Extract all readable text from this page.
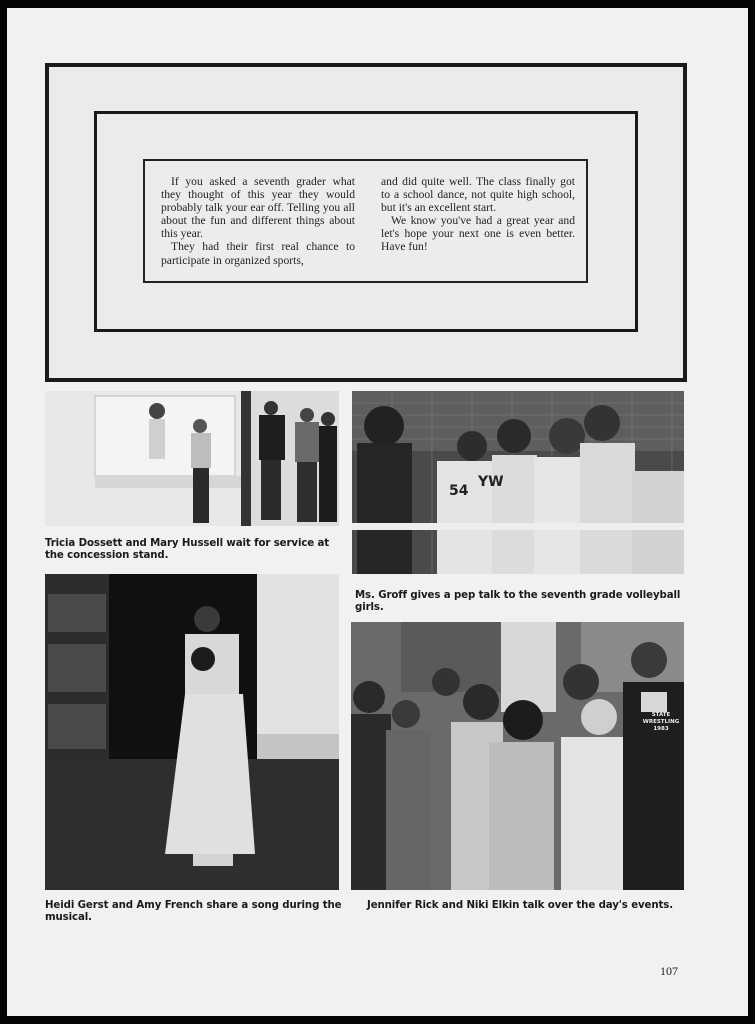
If you asked a seventh grader what they thought of this year they would probably talk your ear off. Telling you all about the fun and different things about this year.

They had their first real chance to participate in organized sports,

and did quite well. The class finally got to a school dance, not quite high school, but it's an excellent start.

We know you've had a great year and let's hope your next one is even better. Have fun!

Tricia Dossett and Mary Hussell wait for service at the concession stand.
54
YW
Ms. Groff gives a pep talk to the seventh grade volleyball girls.
Heidi Gerst and Amy French share a song during the musical.
STATE WRESTLING 1983
Jennifer Rick and Niki Elkin talk over the day's events.
107
